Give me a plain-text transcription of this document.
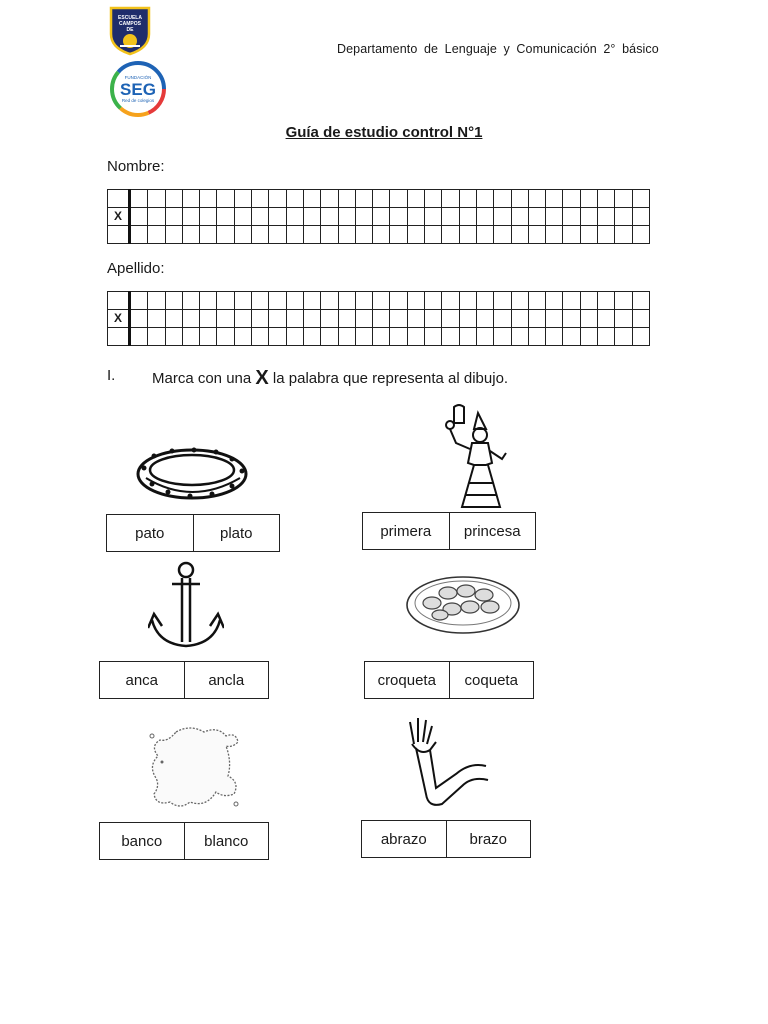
ESCUELA
CAMPOS
DE
FUNDACIÓN
SEG
Red de colegios
Departamento de Lenguaje y Comunicación 2° básico
Guía de estudio control N°1
Nombre:

X																														

Apellido:

X																														

I. Marca con una X la palabra que representa al dibujo.
pato	plato	primera	princesa
anca	ancla	croqueta	coqueta
banco	blanco	abrazo	brazo
